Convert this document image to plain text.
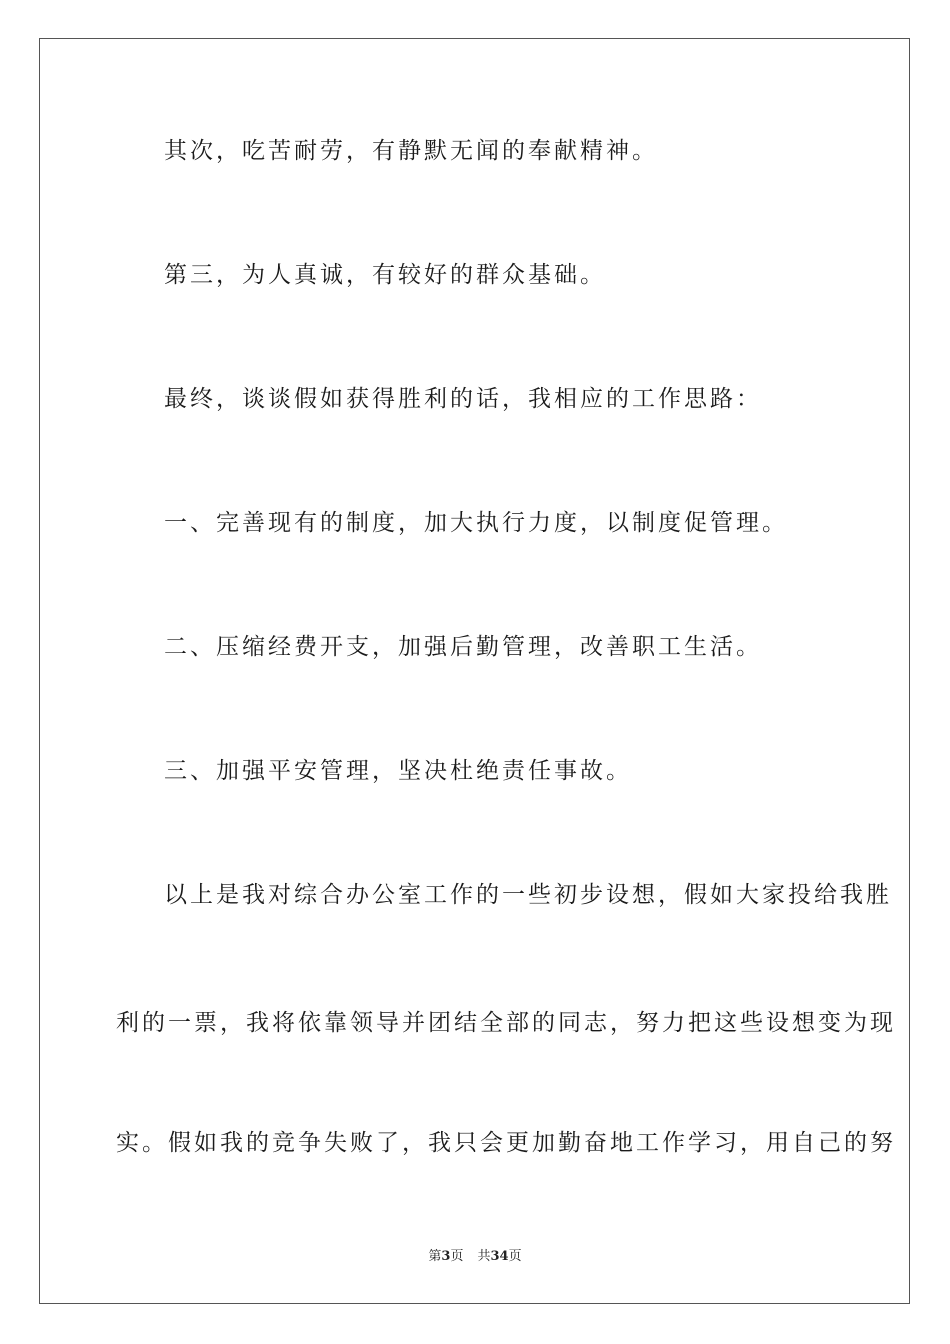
其次，吃苦耐劳，有静默无闻的奉献精神。
第三，为人真诚，有较好的群众基础。
最终，谈谈假如获得胜利的话，我相应的工作思路：
一、完善现有的制度，加大执行力度，以制度促管理。
二、压缩经费开支，加强后勤管理，改善职工生活。
三、加强平安管理，坚决杜绝责任事故。
以上是我对综合办公室工作的一些初步设想，假如大家投给我胜
利的一票，我将依靠领导并团结全部的同志，努力把这些设想变为现
实。假如我的竞争失败了，我只会更加勤奋地工作学习，用自己的努
第3页 共34页
